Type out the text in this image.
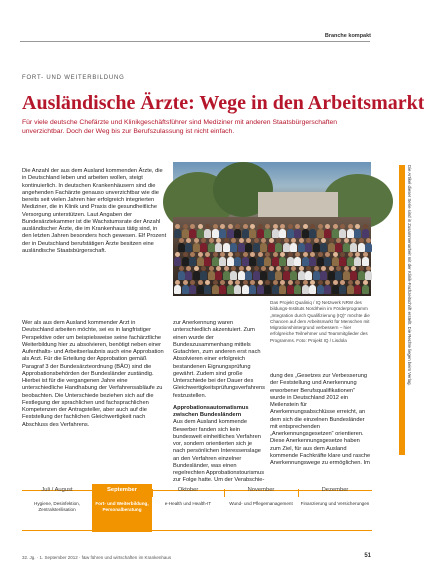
Branche kompakt
Die Artikel dieser Serie sind in Zusammenarbeit mit der Klinik-Fachzeitschrift erstellt. Die Rechte liegen beim Verlag.
FORT- UND WEITERBILDUNG
Ausländische Ärzte: Wege in den Arbeitsmarkt

Für viele deutsche Chefärzte und Klinikgeschäftsführer sind Mediziner mit anderen Staatsbürgerschaften unverzichtbar. Doch der Weg bis zur Berufszulassung ist nicht einfach.

Das Projekt Qualiniq / IQ Netzwerk NRW des bildungs-Instituts Nordrhein im Förderprogramm „Integration durch Qualifizierung (IQ)“ möchte die Chancen auf dem Arbeitsmarkt für Menschen mit Migrationshintergrund verbessern – hier erfolgreiche Teilnehmer und Teammitglieder des Programms. Foto: Projekt IQ / Lisdola

Die Anzahl der aus dem Ausland kommenden Ärzte, die in Deutschland leben und arbeiten wollen, steigt kontinuierlich. In deutschen Krankenhäusern sind die angehenden Fachärzte genauso unverzichtbar wie die bereits seit vielen Jahren hier erfolgreich integrierten Mediziner, die in Klinik und Praxis die gesundheitliche Versorgung unterstützen. Laut Angaben der Bundesärztekammer ist die Wachstumsrate der Anzahl ausländischer Ärzte, die im Krankenhaus tätig sind, in den letzten Jahren besonders hoch gewesen. Elf Prozent der in Deutschland berufstätigen Ärzte besitzen eine ausländische Staatsbürgerschaft.

Wer als aus dem Ausland kommender Arzt in Deutschland arbeiten möchte, sei es in langfristiger Perspektive oder um beispielsweise seine fachärztliche Weiterbildung hier zu absolvieren, benötigt neben einer Aufenthalts- und Arbeitserlaubnis auch eine Approbation als Arzt. Für die Erteilung der Approbation gemäß Paragraf 3 der Bundesärzteordnung (BÄO) sind die Approbationsbehörden der Bundesländer zuständig. Hierbei ist für die vergangenen Jahre eine unterschiedliche Handhabung der Verfahrensabläufe zu beobachten. Die Unterschiede beziehen sich auf die Festlegung der sprachlichen und fachsprachlichen Kompetenzen der Antragsteller, aber auch auf die Feststellung der fachlichen Gleichwertigkeit nach Abschluss des Verfahrens.

zur Anerkennung waren unterschiedlich akzentuiert. Zum einen wurde der Bundeszusammenhang mittels Gutachten, zum anderen erst nach Absolvieren einer erfolgreich bestandenen Eignungsprüfung gewährt. Zudem sind große Unterschiede bei der Dauer des Gleichwertigkeitsprüfungsverfahrens festzustellen.

Approbationsautomatismus zwischen Bundesländern

Aus dem Ausland kommende Bewerber fanden sich kein bundesweit einheitliches Verfahren vor, sondern orientierten sich je nach persönlichen Interessenslage an den Verfahren einzelner Bundesländer, was einen regelrechten Approbationstourismus zur Folge hatte. Um der Verabschie-

dung des „Gesetzes zur Verbesserung der Feststellung und Anerkennung erworbener Berufsqualifikationen“ wurde in Deutschland 2012 ein Meilenstein für Anerkennungsabschlüsse erreicht, an dem sich die einzelnen Bundesländer mit entsprechenden „Anerkennungsgesetzen“ orientieren. Diese Anerkennungsgesetze haben zum Ziel, für aus dem Ausland kommende Fachkräfte klare und rasche Anerkennungswege zu ermöglichen. Im

Juli / August
Hygiene, Desinfektion, Zentralsterilisation
September
Fort- und Weiterbildung, Personalberatung
Oktober
e-Health und Health-IT
November
Wund- und Pflegemanagement
Dezember
Finanzierung und Versicherungen
32. Jg. · 1. September 2012 · f&w führen und wirtschaften im Krankenhaus	51
